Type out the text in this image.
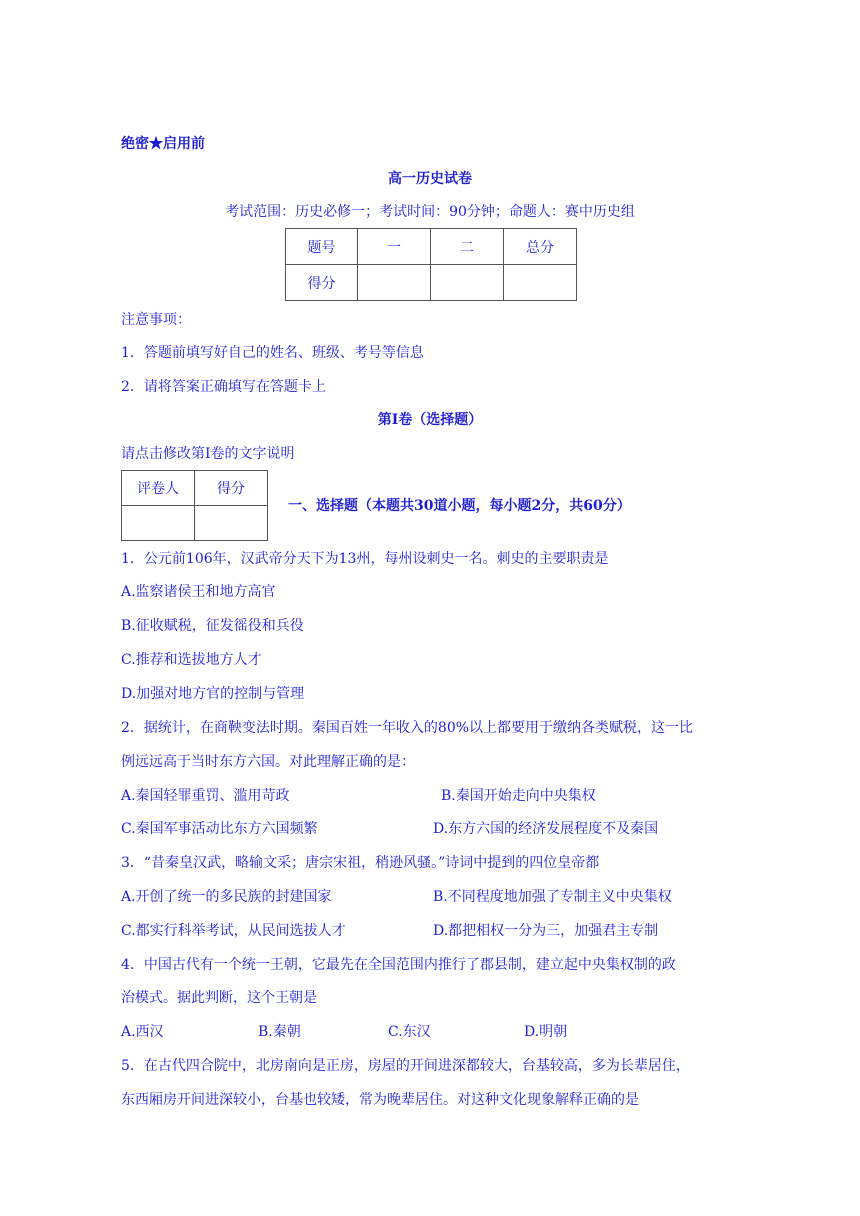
绝密★启用前
高一历史试卷
考试范围：历史必修一；考试时间：90分钟；命题人：赛中历史组
题号	一	二	总分
得分			
注意事项：
1．答题前填写好自己的姓名、班级、考号等信息
2．请将答案正确填写在答题卡上
第I卷（选择题）
请点击修改第I卷的文字说明
评卷人	得分

一、选择题（本题共30道小题，每小题2分，共60分）
1．公元前106年，汉武帝分天下为13州，每州设刺史一名。刺史的主要职责是
A.监察诸侯王和地方高官
B.征收赋税，征发徭役和兵役
C.推荐和选拔地方人才
D.加强对地方官的控制与管理
2．据统计，在商鞅变法时期。秦国百姓一年收入的80%以上都要用于缴纳各类赋税，这一比
例远远高于当时东方六国。对此理解正确的是：
A.秦国轻罪重罚、滥用苛政	B.秦国开始走向中央集权
C.秦国军事活动比东方六国频繁	D.东方六国的经济发展程度不及秦国
3．“昔秦皇汉武，略输文采；唐宗宋祖，稍逊风骚。”诗词中提到的四位皇帝都
A.开创了统一的多民族的封建国家	B.不同程度地加强了专制主义中央集权
C.都实行科举考试，从民间选拔人才	D.都把相权一分为三，加强君主专制
4．中国古代有一个统一王朝，它最先在全国范围内推行了郡县制，建立起中央集权制的政
治模式。据此判断，这个王朝是
A.西汉	B.秦朝	C.东汉	D.明朝
5．在古代四合院中，北房南向是正房，房屋的开间进深都较大，台基较高，多为长辈居住，
东西厢房开间进深较小，台基也较矮，常为晚辈居住。对这种文化现象解释正确的是
